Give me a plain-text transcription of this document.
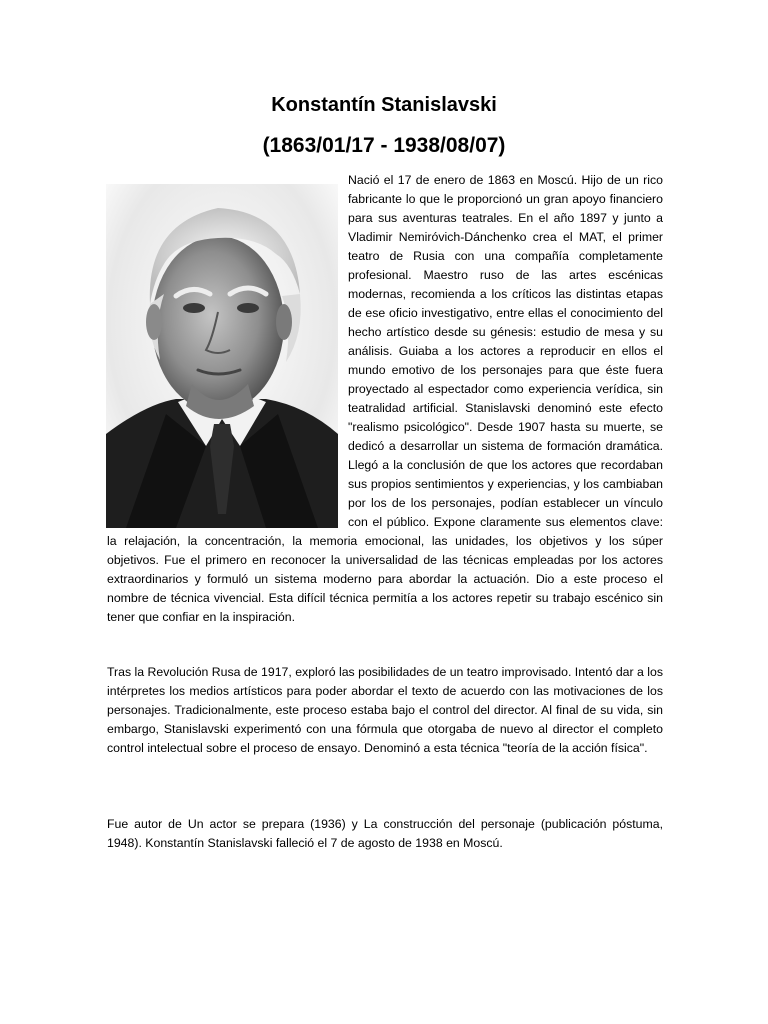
Konstantín Stanislavski
(1863/01/17 - 1938/08/07)

Nació el 17 de enero de 1863 en Moscú. Hijo de un rico fabricante lo que le proporcionó un gran apoyo financiero para sus aventuras teatrales. En el año 1897 y junto a Vladimir Nemiróvich-Dánchenko crea el MAT, el primer teatro de Rusia con una compañía completamente profesional. Maestro ruso de las artes escénicas modernas, recomienda a los críticos las distintas etapas de ese oficio investigativo, entre ellas el conocimiento del hecho artístico desde su génesis: estudio de mesa y su análisis. Guiaba a los actores a reproducir en ellos el mundo emotivo de los personajes para que éste fuera proyectado al espectador como experiencia verídica, sin teatralidad artificial. Stanislavski denominó este efecto "realismo psicológico". Desde 1907 hasta su muerte, se dedicó a desarrollar un sistema de formación dramática. Llegó a la conclusión de que los actores que recordaban sus propios sentimientos y experiencias, y los cambiaban por los de los personajes, podían establecer un vínculo con el público. Expone claramente sus elementos clave: la relajación, la concentración, la memoria emocional, las unidades, los objetivos y los súper objetivos. Fue el primero en reconocer la universalidad de las técnicas empleadas por los actores extraordinarios y formuló un sistema moderno para abordar la actuación. Dio a este proceso el nombre de técnica vivencial. Esta difícil técnica permitía a los actores repetir su trabajo escénico sin tener que confiar en la inspiración.

Tras la Revolución Rusa de 1917, exploró las posibilidades de un teatro improvisado. Intentó dar a los intérpretes los medios artísticos para poder abordar el texto de acuerdo con las motivaciones de los personajes. Tradicionalmente, este proceso estaba bajo el control del director. Al final de su vida, sin embargo, Stanislavski experimentó con una fórmula que otorgaba de nuevo al director el completo control intelectual sobre el proceso de ensayo. Denominó a esta técnica "teoría de la acción física".

Fue autor de Un actor se prepara (1936) y La construcción del personaje (publicación póstuma, 1948). Konstantín Stanislavski falleció el 7 de agosto de 1938 en Moscú.
